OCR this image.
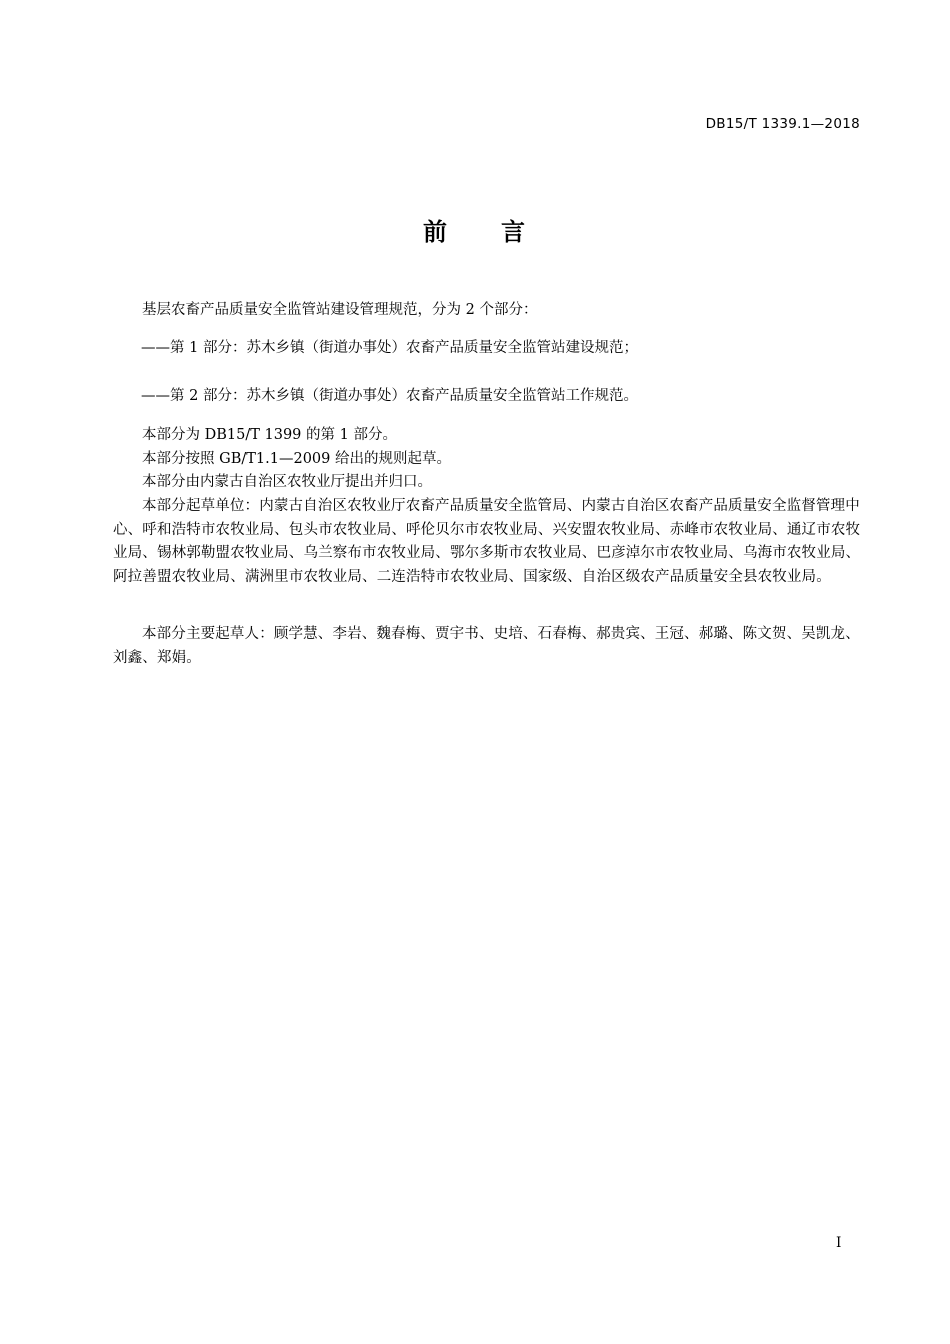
DB15/T 1339.1—2018
前 言

基层农畜产品质量安全监管站建设管理规范，分为 2 个部分：

——第 1 部分：苏木乡镇（街道办事处）农畜产品质量安全监管站建设规范；

——第 2 部分：苏木乡镇（街道办事处）农畜产品质量安全监管站工作规范。

本部分为 DB15/T 1399 的第 1 部分。

本部分按照 GB/T1.1—2009 给出的规则起草。

本部分由内蒙古自治区农牧业厅提出并归口。

本部分起草单位：内蒙古自治区农牧业厅农畜产品质量安全监管局、内蒙古自治区农畜产品质量安全监督管理中心、呼和浩特市农牧业局、包头市农牧业局、呼伦贝尔市农牧业局、兴安盟农牧业局、赤峰市农牧业局、通辽市农牧业局、锡林郭勒盟农牧业局、乌兰察布市农牧业局、鄂尔多斯市农牧业局、巴彦淖尔市农牧业局、乌海市农牧业局、阿拉善盟农牧业局、满洲里市农牧业局、二连浩特市农牧业局、国家级、自治区级农产品质量安全县农牧业局。

本部分主要起草人：顾学慧、李岩、魏春梅、贾宇书、史培、石春梅、郝贵宾、王冠、郝璐、陈文贺、吴凯龙、刘鑫、郑娟。

I
